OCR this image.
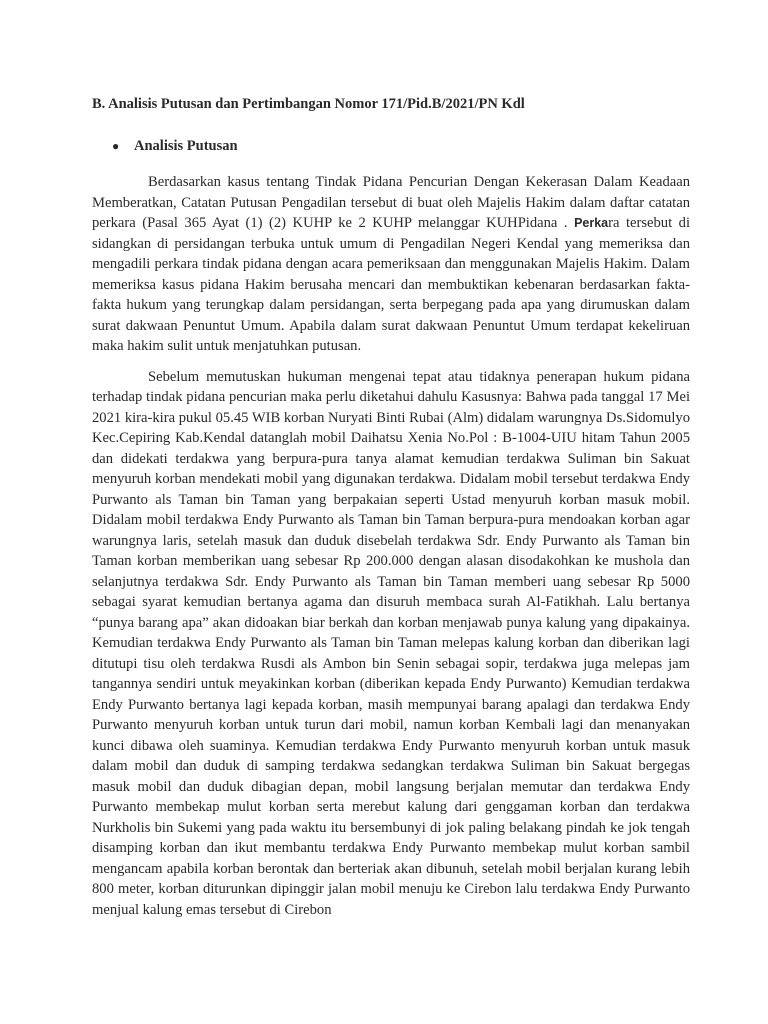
B. Analisis Putusan dan Pertimbangan Nomor 171/Pid.B/2021/PN Kdl
●	Analisis Putusan

Berdasarkan kasus tentang Tindak Pidana Pencurian Dengan Kekerasan Dalam Keadaan Memberatkan, Catatan Putusan Pengadilan tersebut di buat oleh Majelis Hakim dalam daftar catatan perkara (Pasal 365 Ayat (1) (2) KUHP ke 2 KUHP melanggar KUHPidana . Perkara tersebut di sidangkan di persidangan terbuka untuk umum di Pengadilan Negeri Kendal yang memeriksa dan mengadili perkara tindak pidana dengan acara pemeriksaan dan menggunakan Majelis Hakim. Dalam memeriksa kasus pidana Hakim berusaha mencari dan membuktikan kebenaran berdasarkan fakta-fakta hukum yang terungkap dalam persidangan, serta berpegang pada apa yang dirumuskan dalam surat dakwaan Penuntut Umum. Apabila dalam surat dakwaan Penuntut Umum terdapat kekeliruan maka hakim sulit untuk menjatuhkan putusan.

Sebelum memutuskan hukuman mengenai tepat atau tidaknya penerapan hukum pidana terhadap tindak pidana pencurian maka perlu diketahui dahulu Kasusnya: Bahwa pada tanggal 17 Mei 2021 kira-kira pukul 05.45 WIB korban Nuryati Binti Rubai (Alm) didalam warungnya Ds.Sidomulyo Kec.Cepiring Kab.Kendal datanglah mobil Daihatsu Xenia No.Pol : B-1004-UIU hitam Tahun 2005 dan didekati terdakwa yang berpura-pura tanya alamat kemudian terdakwa Suliman bin Sakuat menyuruh korban mendekati mobil yang digunakan terdakwa. Didalam mobil tersebut terdakwa Endy Purwanto als Taman bin Taman yang berpakaian seperti Ustad menyuruh korban masuk mobil. Didalam mobil terdakwa Endy Purwanto als Taman bin Taman berpura-pura mendoakan korban agar warungnya laris, setelah masuk dan duduk disebelah terdakwa Sdr. Endy Purwanto als Taman bin Taman korban memberikan uang sebesar Rp 200.000 dengan alasan disodakohkan ke mushola dan selanjutnya terdakwa Sdr. Endy Purwanto als Taman bin Taman memberi uang sebesar Rp 5000 sebagai syarat kemudian bertanya agama dan disuruh membaca surah Al-Fatikhah. Lalu bertanya “punya barang apa” akan didoakan biar berkah dan korban menjawab punya kalung yang dipakainya. Kemudian terdakwa Endy Purwanto als Taman bin Taman melepas kalung korban dan diberikan lagi ditutupi tisu oleh terdakwa Rusdi als Ambon bin Senin sebagai sopir, terdakwa juga melepas jam tangannya sendiri untuk meyakinkan korban (diberikan kepada Endy Purwanto) Kemudian terdakwa Endy Purwanto bertanya lagi kepada korban, masih mempunyai barang apalagi dan terdakwa Endy Purwanto menyuruh korban untuk turun dari mobil, namun korban Kembali lagi dan menanyakan kunci dibawa oleh suaminya. Kemudian terdakwa Endy Purwanto menyuruh korban untuk masuk dalam mobil dan duduk di samping terdakwa sedangkan terdakwa Suliman bin Sakuat bergegas masuk mobil dan duduk dibagian depan, mobil langsung berjalan memutar dan terdakwa Endy Purwanto membekap mulut korban serta merebut kalung dari genggaman korban dan terdakwa Nurkholis bin Sukemi yang pada waktu itu bersembunyi di jok paling belakang pindah ke jok tengah disamping korban dan ikut membantu terdakwa Endy Purwanto membekap mulut korban sambil mengancam apabila korban berontak dan berteriak akan dibunuh, setelah mobil berjalan kurang lebih 800 meter, korban diturunkan dipinggir jalan mobil menuju ke Cirebon lalu terdakwa Endy Purwanto menjual kalung emas tersebut di Cirebon
